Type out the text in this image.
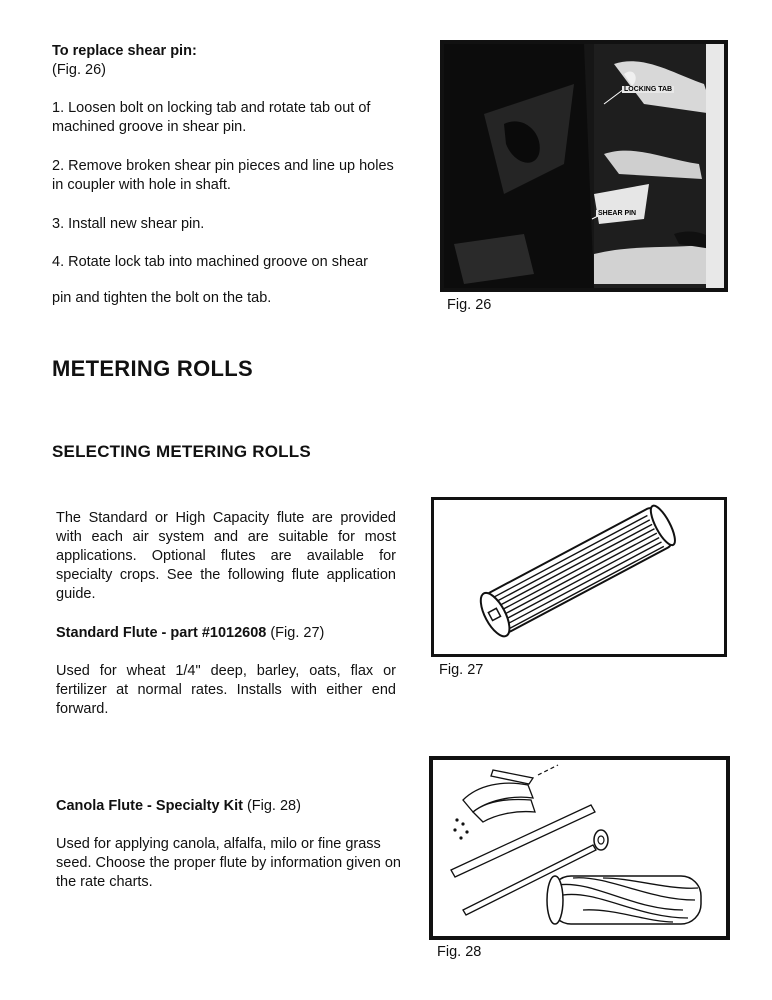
To replace shear pin:

(Fig. 26)

1. Loosen bolt on locking tab and rotate tab out of machined groove in shear pin.

2. Remove broken shear pin pieces and line up holes in coupler with hole in shaft.

3. Install new shear pin.

4. Rotate lock tab into machined groove on shear

pin and tighten the bolt on the tab.

LOCKING TAB
SHEAR PIN

Fig. 26

METERING ROLLS
SELECTING METERING ROLLS

The Standard or High Capacity flute are provided with each air system and are suitable for most applications. Optional flutes are available for specialty crops. See the following flute application guide.

Standard Flute - part #1012608 (Fig. 27)

Used for wheat 1/4" deep, barley, oats, flax or fertilizer at normal rates. Installs with either end forward.

Fig. 27

Canola Flute - Specialty Kit (Fig. 28)

Used for applying canola, alfalfa, milo or fine grass seed. Choose the proper flute by information given on the rate charts.

Fig. 28
